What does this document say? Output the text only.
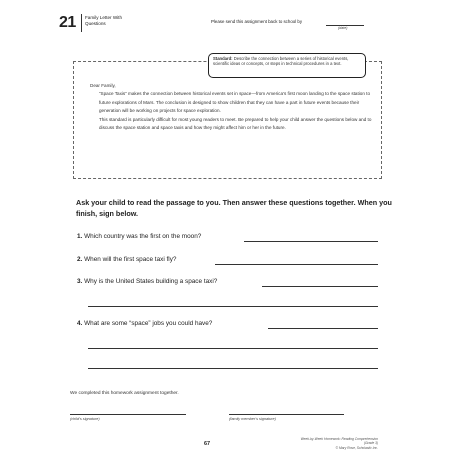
21 Family Letter With Questions	Please send this assignment back to school by
(date)
Standard: Describe the connection between a series of historical events, scientific ideas or concepts, or steps in technical procedures in a text.
Dear Family,
“Space Taxis” makes the connection between historical events set in space—from America’s first moon landing to the space station to future explorations of Mars. The conclusion is designed to show children that they can have a part in future events because their generation will be working on projects for space exploration.
This standard is particularly difficult for most young readers to meet. Be prepared to help your child answer the questions below and to discuss the space station and space taxis and how they might affect him or her in the future.
Ask your child to read the passage to you. Then answer these questions together. When you finish, sign below.
1. Which country was the first on the moon?
2. When will the first space taxi fly?
3. Why is the United States building a space taxi?
4. What are some “space” jobs you could have?
We completed this homework assignment together.
(child’s signature)	(family member’s signature)
67
Week-by-Week Homework: Reading Comprehension (Grade 3)
© Mary Rose, Scholastic Inc.
